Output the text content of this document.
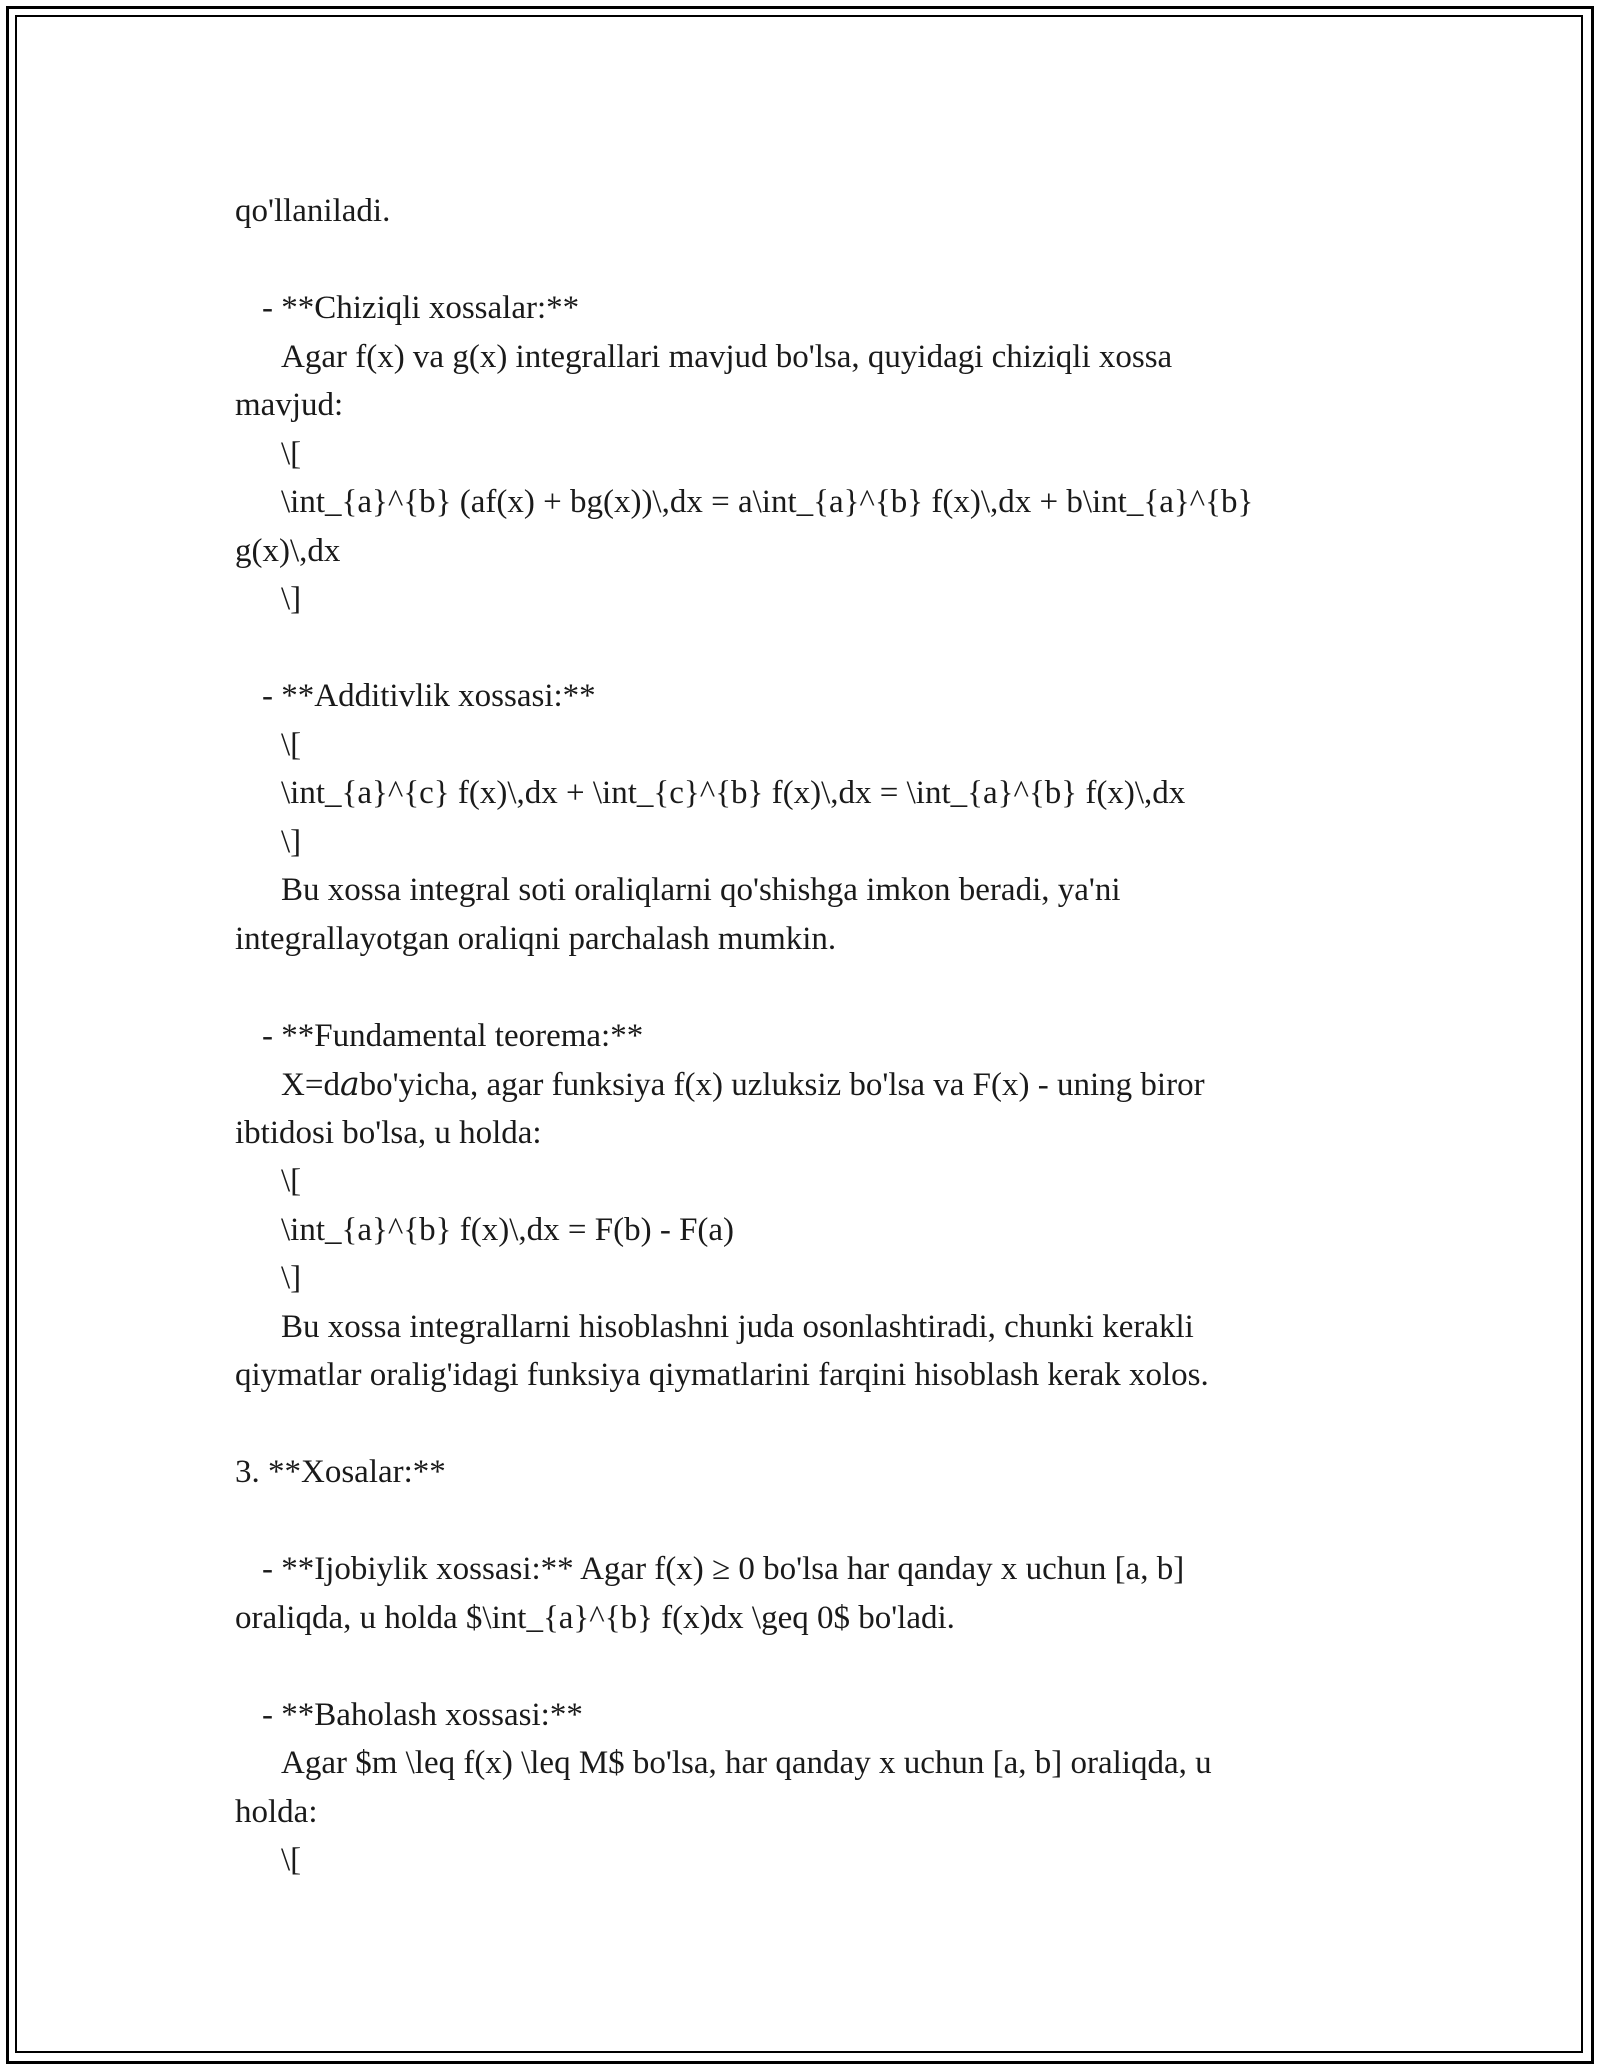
qo'llaniladi.
- **Chiziqli xossalar:**
Agar f(x) va g(x) integrallari mavjud bo'lsa, quyidagi chiziqli xossa
mavjud:
\[
\int_{a}^{b} (af(x) + bg(x))\,dx = a\int_{a}^{b} f(x)\,dx + b\int_{a}^{b}
g(x)\,dx
\]
- **Additivlik xossasi:**
\[
\int_{a}^{c} f(x)\,dx + \int_{c}^{b} f(x)\,dx = \int_{a}^{b} f(x)\,dx
\]
Bu xossa integral soti oraliqlarni qo'shishga imkon beradi, ya'ni
integrallayotgan oraliqni parchalash mumkin.
- **Fundamental teorema:**
X=dabo'yicha, agar funksiya f(x) uzluksiz bo'lsa va F(x) - uning biror
ibtidosi bo'lsa, u holda:
\[
\int_{a}^{b} f(x)\,dx = F(b) - F(a)
\]
Bu xossa integrallarni hisoblashni juda osonlashtiradi, chunki kerakli
qiymatlar oralig'idagi funksiya qiymatlarini farqini hisoblash kerak xolos.
3. **Xosalar:**
- **Ijobiylik xossasi:** Agar f(x) ≥ 0 bo'lsa har qanday x uchun [a, b]
oraliqda, u holda $\int_{a}^{b} f(x)dx \geq 0$ bo'ladi.
- **Baholash xossasi:**
Agar $m \leq f(x) \leq M$ bo'lsa, har qanday x uchun [a, b] oraliqda, u
holda:
\[
